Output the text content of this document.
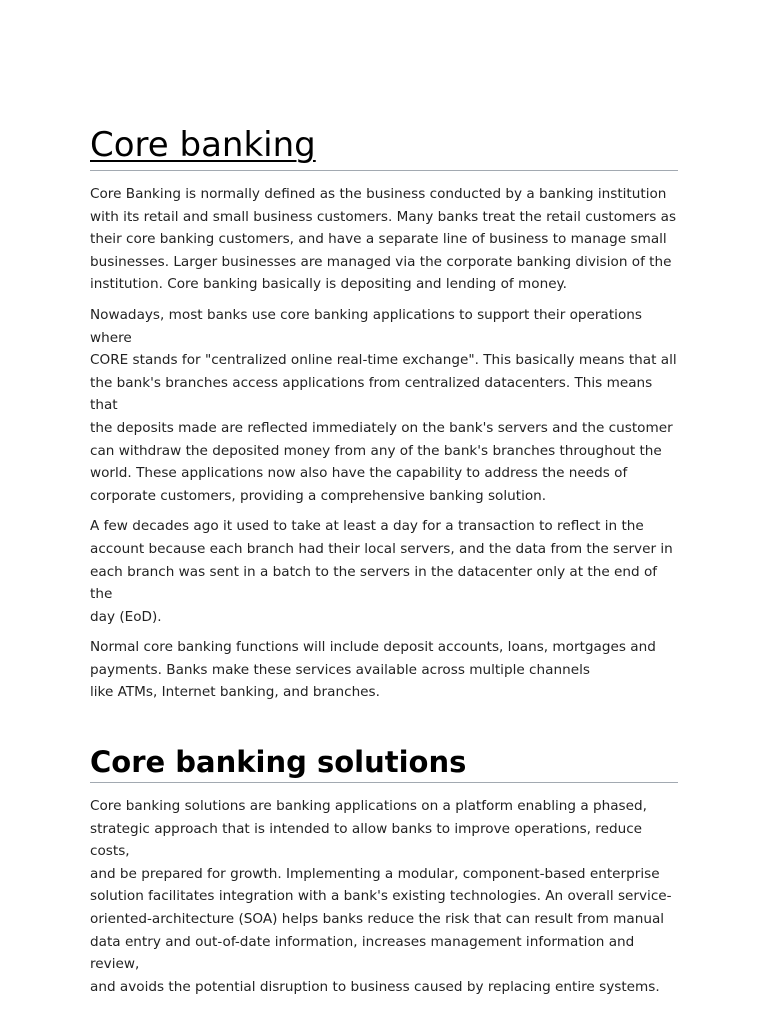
Core banking

Core Banking is normally defined as the business conducted by a banking institution
with its retail and small business customers. Many banks treat the retail customers as
their core banking customers, and have a separate line of business to manage small
businesses. Larger businesses are managed via the corporate banking division of the
institution. Core banking basically is depositing and lending of money.

Nowadays, most banks use core banking applications to support their operations where
CORE stands for "centralized online real-time exchange". This basically means that all
the bank's branches access applications from centralized datacenters. This means that
the deposits made are reflected immediately on the bank's servers and the customer
can withdraw the deposited money from any of the bank's branches throughout the
world. These applications now also have the capability to address the needs of
corporate customers, providing a comprehensive banking solution.

A few decades ago it used to take at least a day for a transaction to reflect in the
account because each branch had their local servers, and the data from the server in
each branch was sent in a batch to the servers in the datacenter only at the end of the
day (EoD).

Normal core banking functions will include deposit accounts, loans, mortgages and
payments. Banks make these services available across multiple channels
like ATMs, Internet banking, and branches.

Core banking solutions

Core banking solutions are banking applications on a platform enabling a phased,
strategic approach that is intended to allow banks to improve operations, reduce costs,
and be prepared for growth. Implementing a modular, component-based enterprise
solution facilitates integration with a bank's existing technologies. An overall service-
oriented-architecture (SOA) helps banks reduce the risk that can result from manual
data entry and out-of-date information, increases management information and review,
and avoids the potential disruption to business caused by replacing entire systems.
